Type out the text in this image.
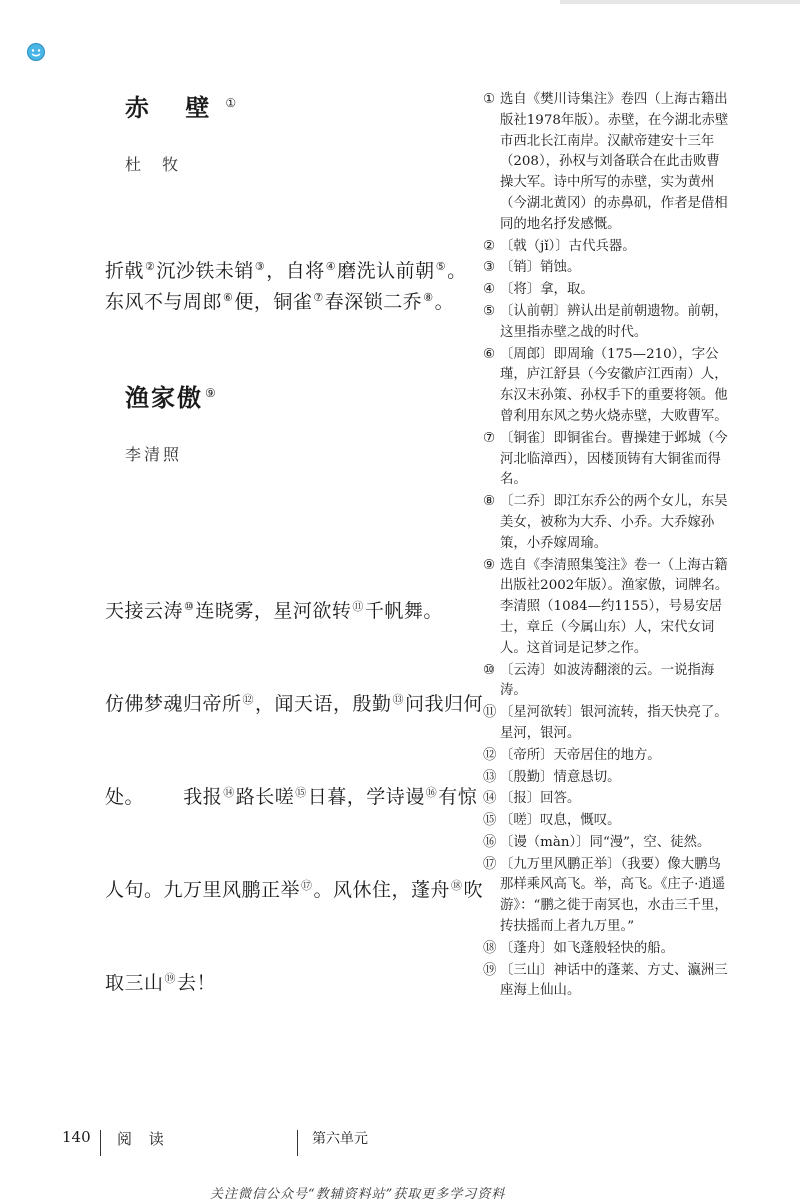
赤 壁 ①
杜 牧
折戟②沉沙铁未销③，自将④磨洗认前朝⑤。
东风不与周郎⑥便，铜雀⑦春深锁二乔⑧。
渔家傲 ⑨
李清照

天接云涛⑩连晓雾，星河欲转⑪千帆舞。

仿佛梦魂归帝所⑫，闻天语，殷勤⑬问我归何

处。      我报⑭路长嗟⑮日暮，学诗谩⑯有惊

人句。九万里风鹏正举⑰。风休住，蓬舟⑱吹

取三山⑲去！

① 选自《樊川诗集注》卷四（上海古籍出版社1978年版）。赤壁，在今湖北赤壁市西北长江南岸。汉献帝建安十三年（208），孙权与刘备联合在此击败曹操大军。诗中所写的赤壁，实为黄州（今湖北黄冈）的赤鼻矶，作者是借相同的地名抒发感慨。
② 〔戟（jǐ）〕古代兵器。
③ 〔销〕销蚀。
④ 〔将〕拿，取。
⑤ 〔认前朝〕辨认出是前朝遗物。前朝，这里指赤壁之战的时代。
⑥ 〔周郎〕即周瑜（175—210），字公瑾，庐江舒县（今安徽庐江西南）人，东汉末孙策、孙权手下的重要将领。他曾利用东风之势火烧赤壁，大败曹军。
⑦ 〔铜雀〕即铜雀台。曹操建于邺城（今河北临漳西），因楼顶铸有大铜雀而得名。
⑧ 〔二乔〕即江东乔公的两个女儿，东吴美女，被称为大乔、小乔。大乔嫁孙策，小乔嫁周瑜。
⑨ 选自《李清照集笺注》卷一（上海古籍出版社2002年版）。渔家傲，词牌名。李清照（1084—约1155），号易安居士，章丘（今属山东）人，宋代女词人。这首词是记梦之作。
⑩ 〔云涛〕如波涛翻滚的云。一说指海涛。
⑪ 〔星河欲转〕银河流转，指天快亮了。星河，银河。
⑫ 〔帝所〕天帝居住的地方。
⑬ 〔殷勤〕情意恳切。
⑭ 〔报〕回答。
⑮ 〔嗟〕叹息，慨叹。
⑯ 〔谩（màn）〕同“漫”，空、徒然。
⑰ 〔九万里风鹏正举〕（我要）像大鹏鸟那样乘风高飞。举，高飞。《庄子·逍遥游》：“鹏之徙于南冥也，水击三千里，抟扶摇而上者九万里。”
⑱ 〔蓬舟〕如飞蓬般轻快的船。
⑲ 〔三山〕神话中的蓬莱、方丈、瀛洲三座海上仙山。
140 阅 读	第六单元
关注微信公众号“教辅资料站”获取更多学习资料
